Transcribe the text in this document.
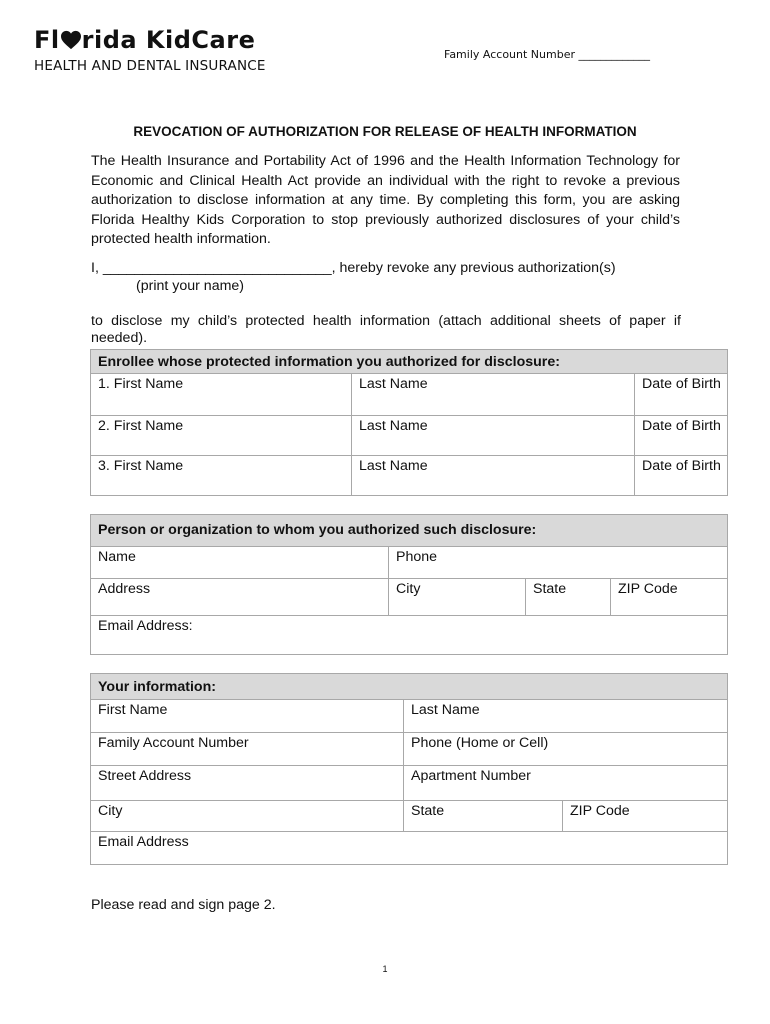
Fl rida KidCare
HEALTH AND DENTAL INSURANCE
Family Account Number _____________
REVOCATION OF AUTHORIZATION FOR RELEASE OF HEALTH INFORMATION
The Health Insurance and Portability Act of 1996 and the Health Information Technology for Economic and Clinical Health Act provide an individual with the right to revoke a previous authorization to disclose information at any time. By completing this form, you are asking Florida Healthy Kids Corporation to stop previously authorized disclosures of your child’s protected health information.
I, _____________________________, hereby revoke any previous authorization(s)
(print your name)
to disclose my child’s protected health information (attach additional sheets of paper if needed).
Enrollee whose protected information you authorized for disclosure:
1. First Name	Last Name	Date of Birth
2. First Name	Last Name	Date of Birth
3. First Name	Last Name	Date of Birth
Person or organization to whom you authorized such disclosure:
Name	Phone
Address	City	State	ZIP Code
Email Address:
Your information:
First Name	Last Name
Family Account Number	Phone (Home or Cell)
Street Address	Apartment Number
City	State	ZIP Code
Email Address
Please read and sign page 2.
1
